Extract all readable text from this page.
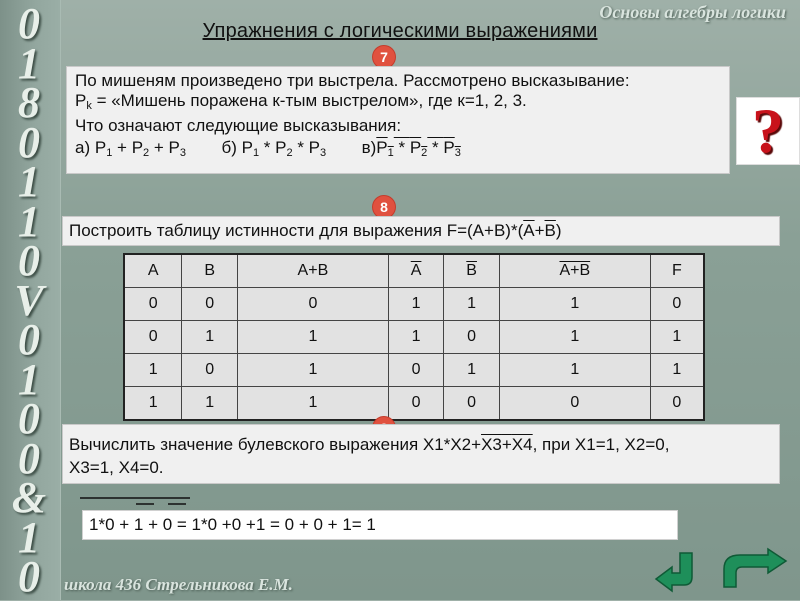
0
1
8
0
1
1
0
V
0
1
0
0
&
1
0
Основы алгебры логики
Упражнения с логическими выражениями
7
По мишеням произведено три выстрела. Рассмотрено высказывание:
$P_k$ = «Мишень поражена к-тым выстрелом», где к=1, 2, 3.
Что означают следующие высказывания:
а) $P_1 + P_2 + P_3$ б) $P_1 * P_2 * P_3$ $в)P_1 * P_2 * P_3$	?
8
Построить таблицу истинности для выражения $F=(A+B)*(\overline{A}+\overline{B})$
A	B	A+B	$\overline{A}$	$\overline{B}$	A+B	F
0	0	0	1	1	1	0
0	1	1	1	0	1	1
1	0	1	0	1	1	1
1	1	1	0	0	0	0
Вычислить значение булевского выражения X1*X2+X3+X4, при X1=1, X2=0,
X3=1, X4=0.
1*0 + 1 + 0 = 1*0 +0 +1 = 0 + 0 + 1= 1
школа 436 Стрельникова Е.М.
